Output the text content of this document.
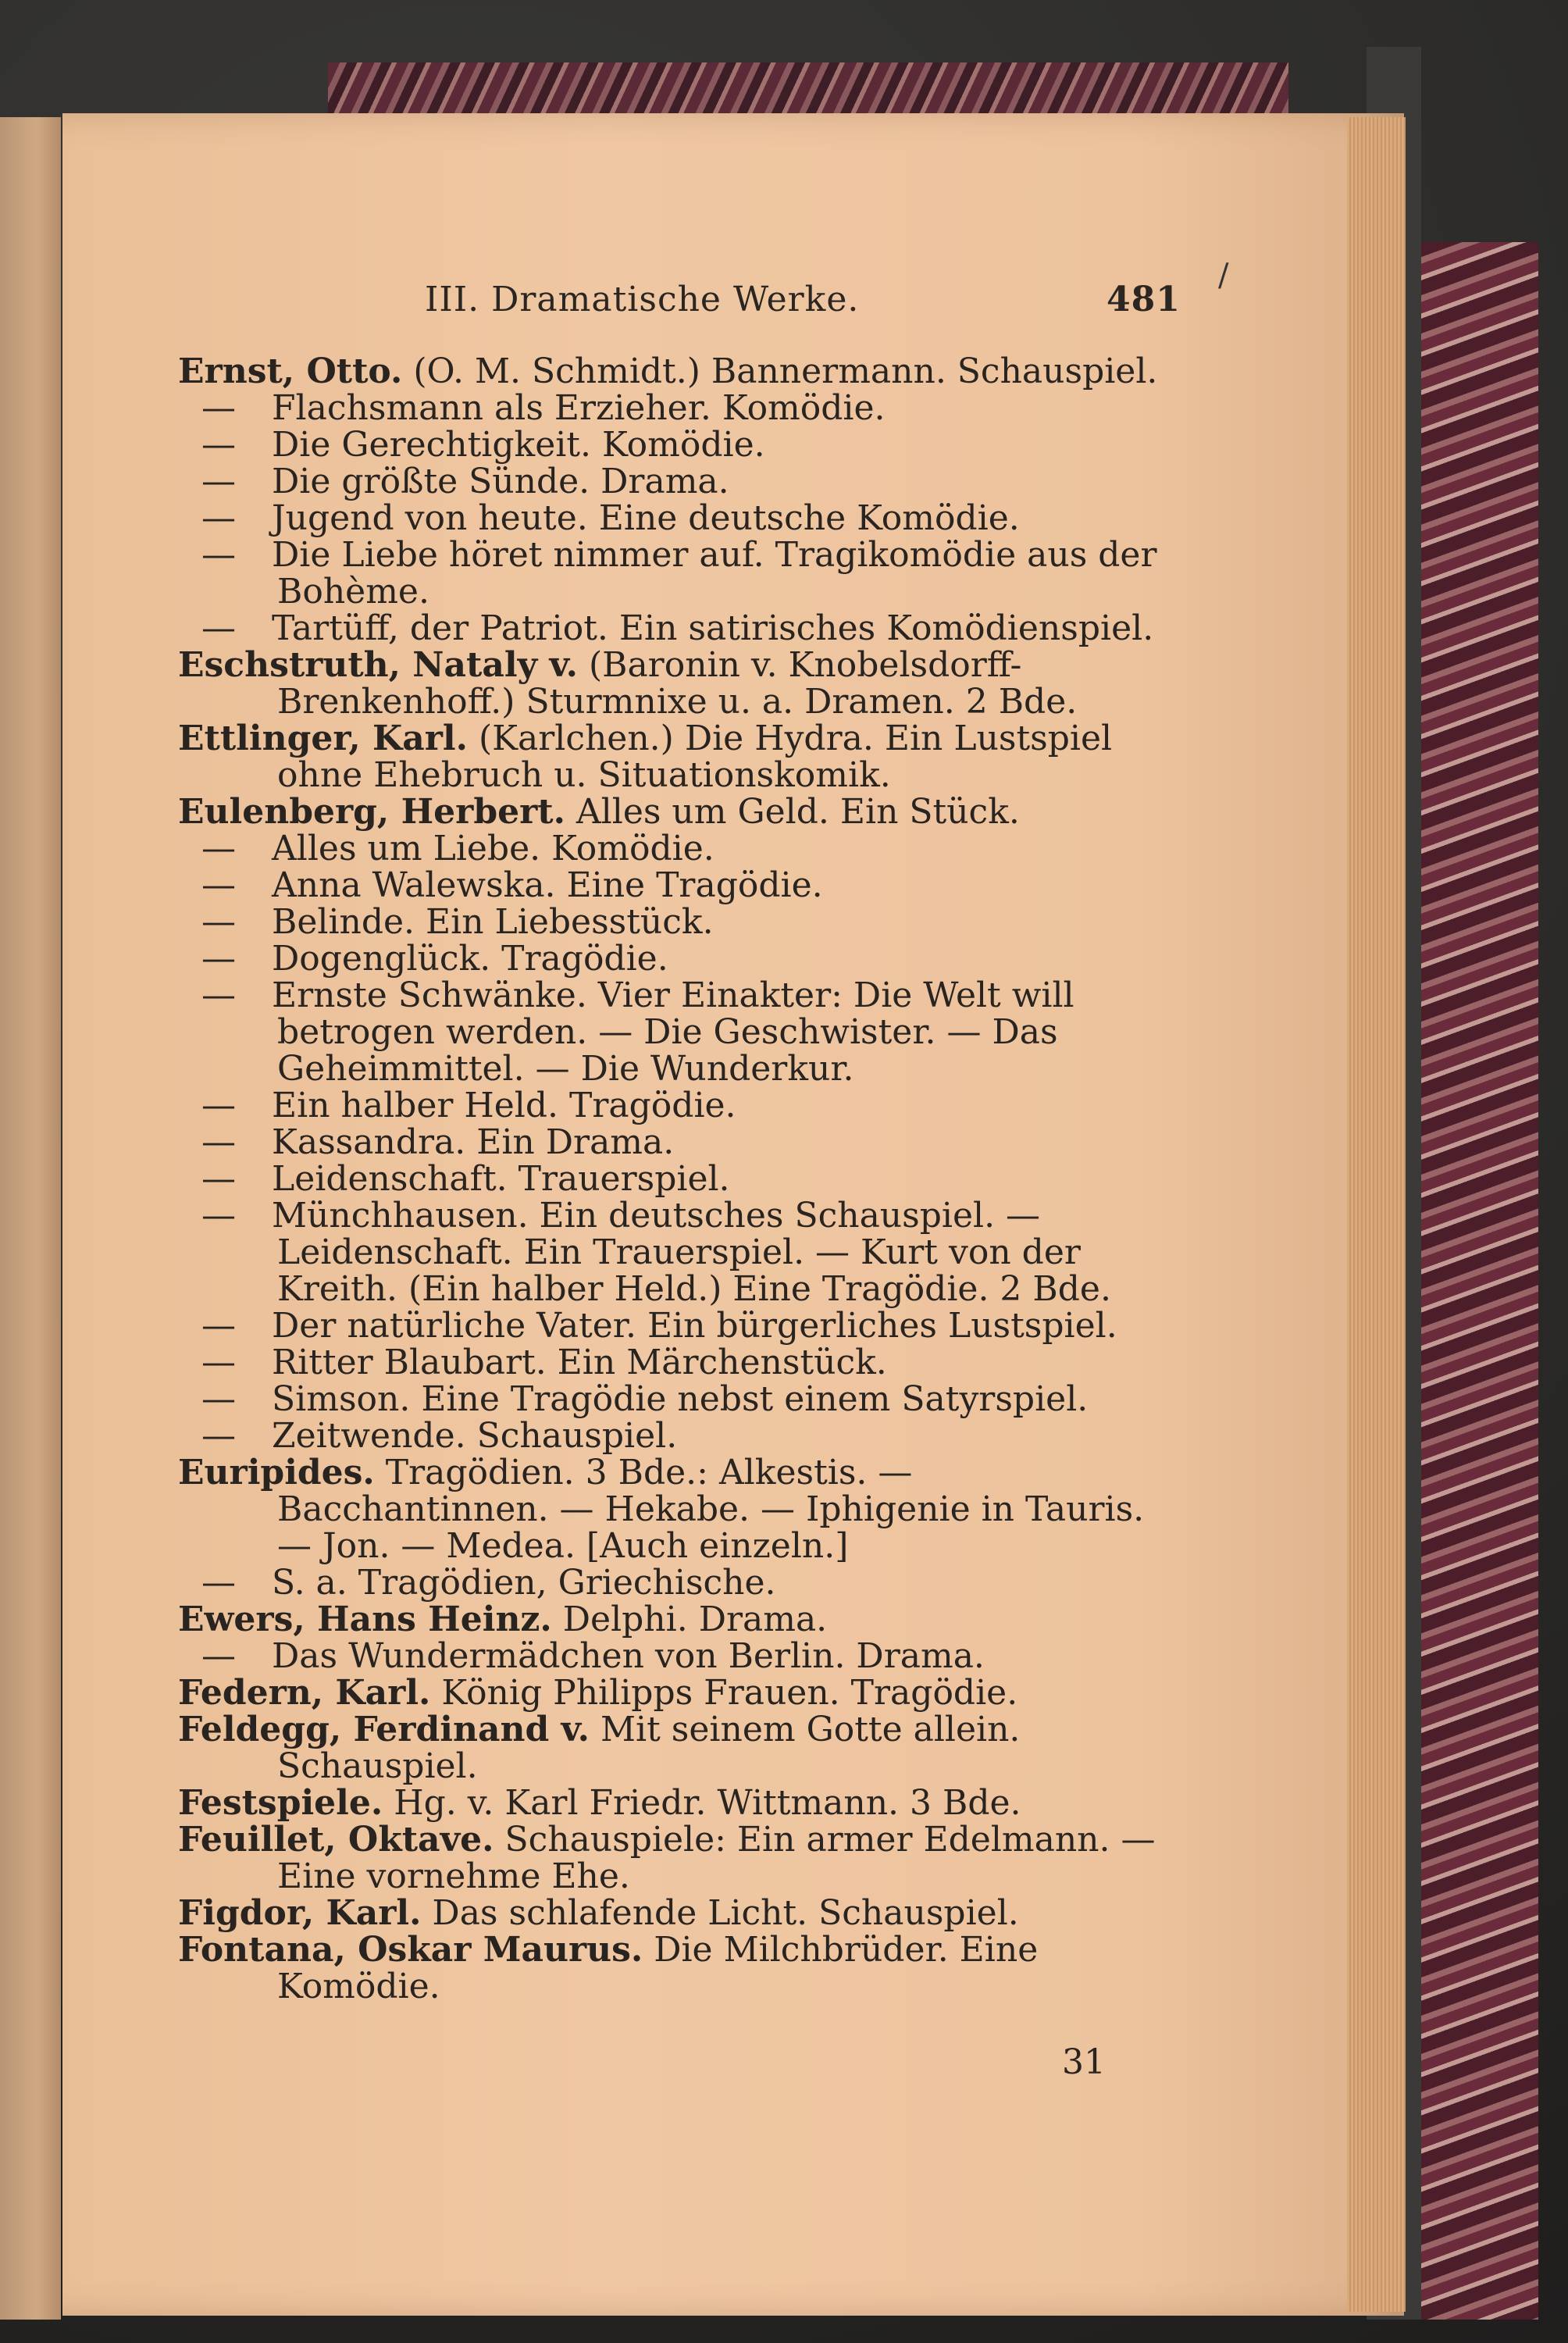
III. Dramatische Werke.	481
/

Ernst, Otto. (O. M. Schmidt.) Bannermann. Schauspiel.

— Flachsmann als Erzieher. Komödie.

— Die Gerechtigkeit. Komödie.

— Die größte Sünde. Drama.

— Jugend von heute. Eine deutsche Komödie.

— Die Liebe höret nimmer auf. Tragikomödie aus der Bohème.

— Tartüff, der Patriot. Ein satirisches Komödienspiel.

Eschstruth, Nataly v. (Baronin v. Knobelsdorff-Brenkenhoff.) Sturmnixe u. a. Dramen. 2 Bde.

Ettlinger, Karl. (Karlchen.) Die Hydra. Ein Lustspiel ohne Ehebruch u. Situationskomik.

Eulenberg, Herbert. Alles um Geld. Ein Stück.

— Alles um Liebe. Komödie.

— Anna Walewska. Eine Tragödie.

— Belinde. Ein Liebesstück.

— Dogenglück. Tragödie.

— Ernste Schwänke. Vier Einakter: Die Welt will betrogen werden. — Die Geschwister. — Das Geheimmittel. — Die Wunderkur.

— Ein halber Held. Tragödie.

— Kassandra. Ein Drama.

— Leidenschaft. Trauerspiel.

— Münchhausen. Ein deutsches Schauspiel. — Leidenschaft. Ein Trauerspiel. — Kurt von der Kreith. (Ein halber Held.) Eine Tragödie. 2 Bde.

— Der natürliche Vater. Ein bürgerliches Lustspiel.

— Ritter Blaubart. Ein Märchenstück.

— Simson. Eine Tragödie nebst einem Satyrspiel.

— Zeitwende. Schauspiel.

Euripides. Tragödien. 3 Bde.: Alkestis. — Bacchantinnen. — Hekabe. — Iphigenie in Tauris. — Jon. — Medea. [Auch einzeln.]

— S. a. Tragödien, Griechische.

Ewers, Hans Heinz. Delphi. Drama.

— Das Wundermädchen von Berlin. Drama.

Federn, Karl. König Philipps Frauen. Tragödie.

Feldegg, Ferdinand v. Mit seinem Gotte allein. Schauspiel.

Festspiele. Hg. v. Karl Friedr. Wittmann. 3 Bde.

Feuillet, Oktave. Schauspiele: Ein armer Edelmann. — Eine vornehme Ehe.

Figdor, Karl. Das schlafende Licht. Schauspiel.

Fontana, Oskar Maurus. Die Milchbrüder. Eine Komödie.

31
